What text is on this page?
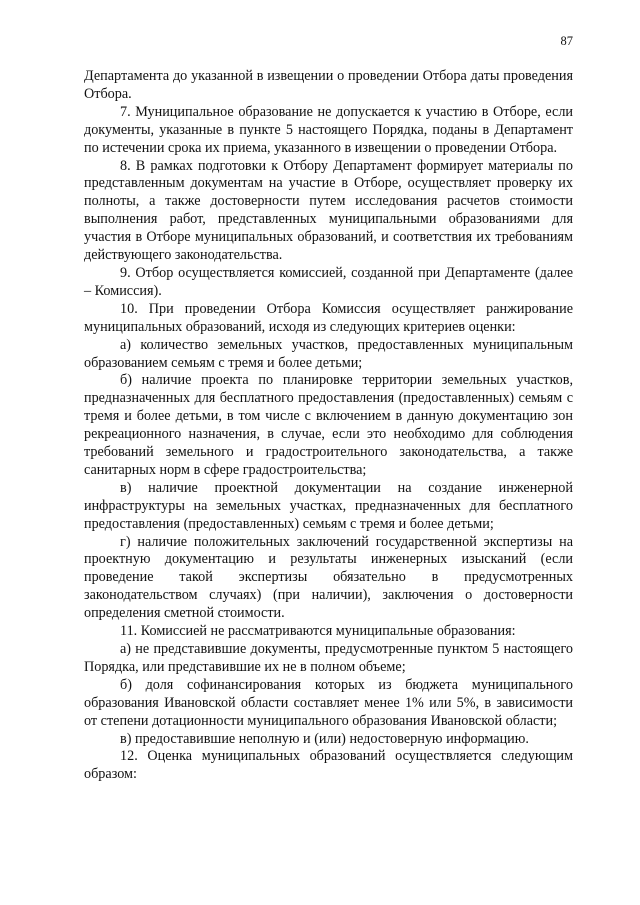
87

Департамента до указанной в извещении о проведении Отбора даты проведения Отбора.

7. Муниципальное образование не допускается к участию в Отборе, если документы, указанные в пункте 5 настоящего Порядка, поданы в Департамент по истечении срока их приема, указанного в извещении о проведении Отбора.

8. В рамках подготовки к Отбору Департамент формирует материалы по представленным документам на участие в Отборе, осуществляет проверку их полноты, а также достоверности путем исследования расчетов стоимости выполнения работ, представленных муниципальными образованиями для участия в Отборе муниципальных образований, и соответствия их требованиям действующего законодательства.

9. Отбор осуществляется комиссией, созданной при Департаменте (далее – Комиссия).

10. При проведении Отбора Комиссия осуществляет ранжирование муниципальных образований, исходя из следующих критериев оценки:

а) количество земельных участков, предоставленных муниципальным образованием семьям с тремя и более детьми;

б) наличие проекта по планировке территории земельных участков, предназначенных для бесплатного предоставления (предоставленных) семьям с тремя и более детьми, в том числе с включением в данную документацию зон рекреационного назначения, в случае, если это необходимо для соблюдения требований земельного и градостроительного законодательства, а также санитарных норм в сфере градостроительства;

в) наличие проектной документации на создание инженерной инфраструктуры на земельных участках, предназначенных для бесплатного предоставления (предоставленных) семьям с тремя и более детьми;

г) наличие положительных заключений государственной экспертизы на проектную документацию и результаты инженерных изысканий (если проведение такой экспертизы обязательно в предусмотренных законодательством случаях) (при наличии), заключения о достоверности определения сметной стоимости.

11. Комиссией не рассматриваются муниципальные образования:

а) не представившие документы, предусмотренные пунктом 5 настоящего Порядка, или представившие их не в полном объеме;

б) доля софинансирования которых из бюджета муниципального образования Ивановской области составляет менее 1% или 5%, в зависимости от степени дотационности муниципального образования Ивановской области;

в) предоставившие неполную и (или) недостоверную информацию.

12. Оценка муниципальных образований осуществляется следующим образом:
